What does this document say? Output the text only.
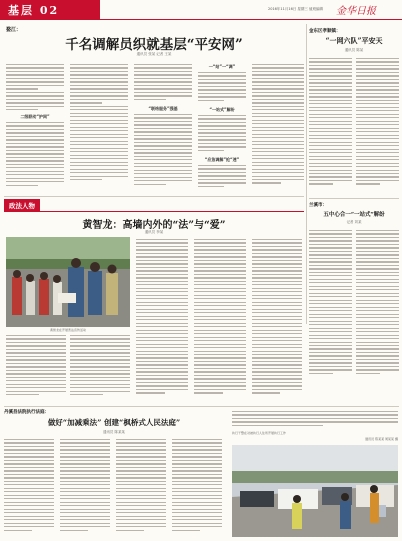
基层 02	2016年11月16日 星期三 值班编辑 金华日报
婺江：
千名调解员织就基层“平安网”
通讯员 张某 记者 王某
二级联动“护网”
“联络服务”强基
一“站”一“调”
“一站式”解纷
“应急调解”抢“速”
金东区孝顺镇：
“一网六队”平安天
通讯员 陈某
兰溪市：
五中心合一“一站式”解纷
记者 刘某
政法人物
黄智龙：高墙内外的“法”与“爱”
通讯员 李某
黄智龙在开展普法宣传活动
丹溪县法院执行法庭：
做好“加减乘法” 创建“枫桥式人民法庭”
通讯员 陈某某	执行干警在对被执行人住所开展执行工作
通讯员 陈某某 周某某 摄
